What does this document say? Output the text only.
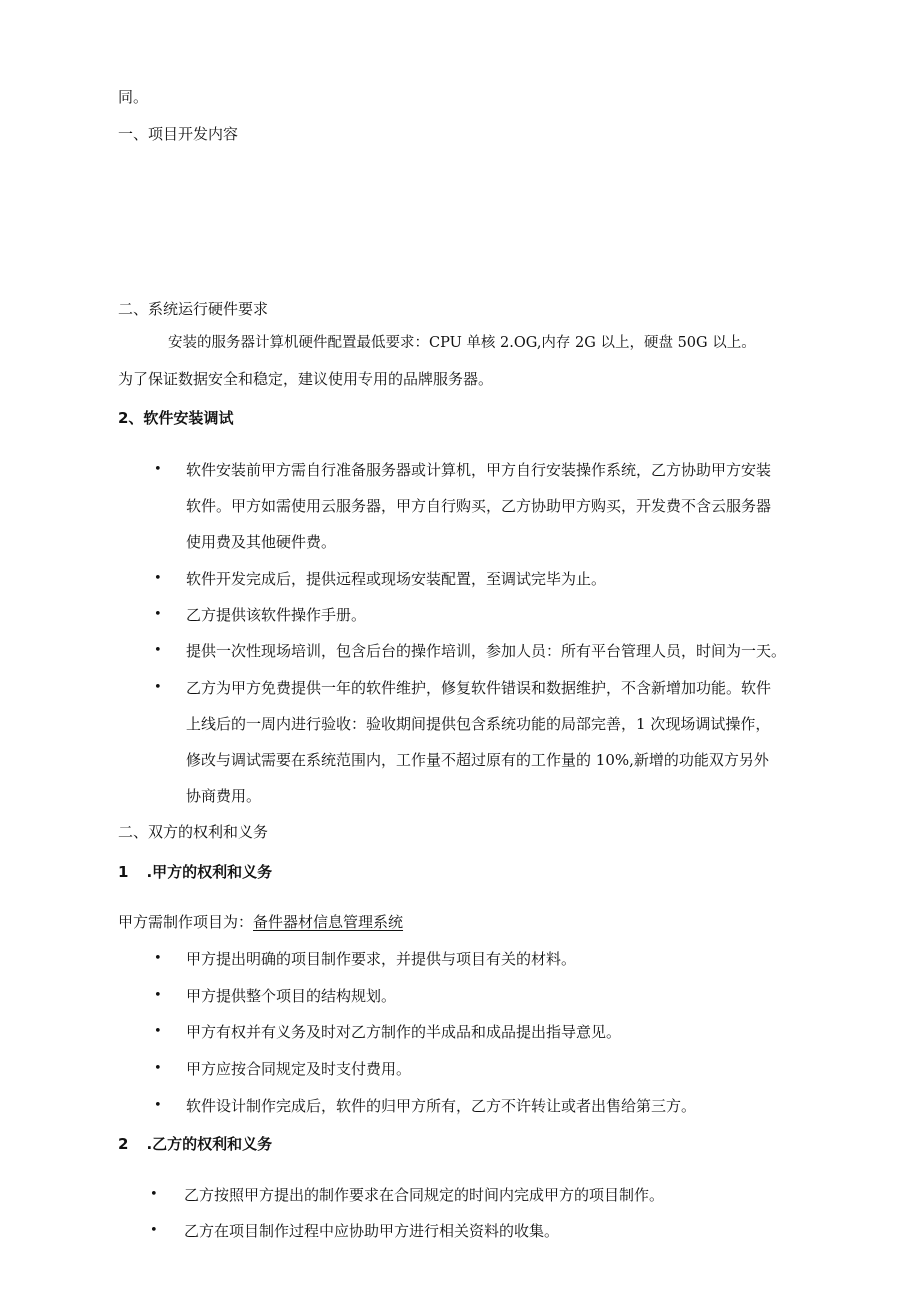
同。
一、项目开发内容
二、系统运行硬件要求
安装的服务器计算机硬件配置最低要求：CPU 单核 2.OG,内存 2G 以上，硬盘 50G 以上。
为了保证数据安全和稳定，建议使用专用的品牌服务器。
2、软件安装调试
• 软件安装前甲方需自行准备服务器或计算机，甲方自行安装操作系统，乙方协助甲方安装
软件。甲方如需使用云服务器，甲方自行购买，乙方协助甲方购买，开发费不含云服务器
使用费及其他硬件费。
• 软件开发完成后，提供远程或现场安装配置，至调试完毕为止。
• 乙方提供该软件操作手册。
• 提供一次性现场培训，包含后台的操作培训，参加人员：所有平台管理人员，时间为一天。
• 乙方为甲方免费提供一年的软件维护，修复软件错误和数据维护，不含新增加功能。软件
上线后的一周内进行验收：验收期间提供包含系统功能的局部完善，1 次现场调试操作，
修改与调试需要在系统范围内，工作量不超过原有的工作量的 10%,新增的功能双方另外
协商费用。
二、双方的权利和义务
1 .甲方的权利和义务
甲方需制作项目为：备件器材信息管理系统
• 甲方提出明确的项目制作要求，并提供与项目有关的材料。
• 甲方提供整个项目的结构规划。
• 甲方有权并有义务及时对乙方制作的半成品和成品提出指导意见。
• 甲方应按合同规定及时支付费用。
• 软件设计制作完成后，软件的归甲方所有，乙方不许转让或者出售给第三方。
2 .乙方的权利和义务
• 乙方按照甲方提出的制作要求在合同规定的时间内完成甲方的项目制作。
• 乙方在项目制作过程中应协助甲方进行相关资料的收集。
